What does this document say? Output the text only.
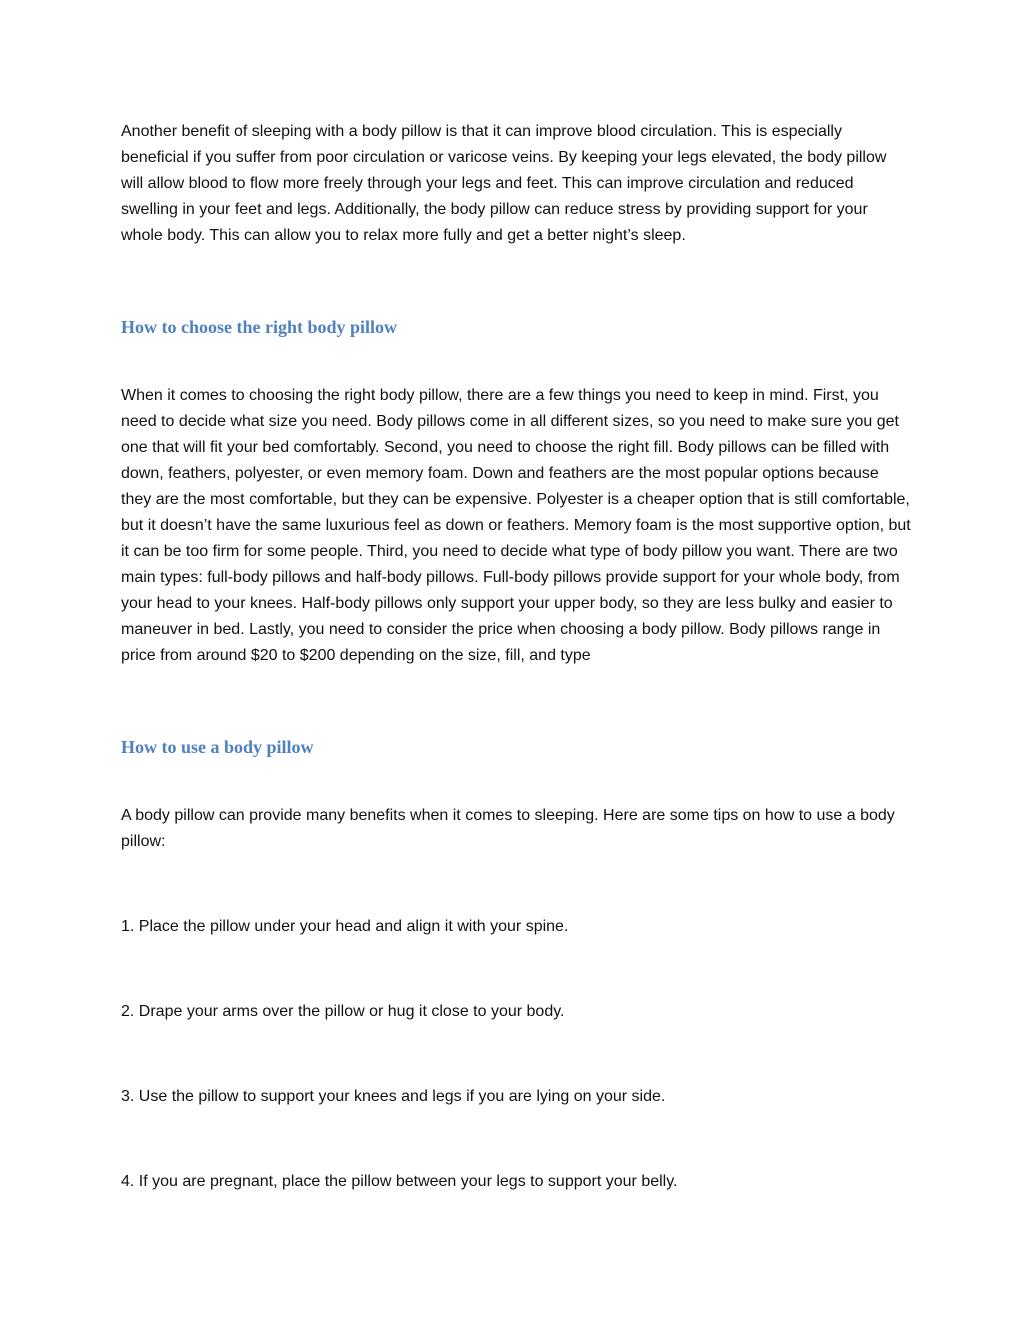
Another benefit of sleeping with a body pillow is that it can improve blood circulation. This is especially beneficial if you suffer from poor circulation or varicose veins. By keeping your legs elevated, the body pillow will allow blood to flow more freely through your legs and feet. This can improve circulation and reduced swelling in your feet and legs. Additionally, the body pillow can reduce stress by providing support for your whole body. This can allow you to relax more fully and get a better night’s sleep.

How to choose the right body pillow

When it comes to choosing the right body pillow, there are a few things you need to keep in mind. First, you need to decide what size you need. Body pillows come in all different sizes, so you need to make sure you get one that will fit your bed comfortably. Second, you need to choose the right fill. Body pillows can be filled with down, feathers, polyester, or even memory foam. Down and feathers are the most popular options because they are the most comfortable, but they can be expensive. Polyester is a cheaper option that is still comfortable, but it doesn’t have the same luxurious feel as down or feathers. Memory foam is the most supportive option, but it can be too firm for some people. Third, you need to decide what type of body pillow you want. There are two main types: full-body pillows and half-body pillows. Full-body pillows provide support for your whole body, from your head to your knees. Half-body pillows only support your upper body, so they are less bulky and easier to maneuver in bed. Lastly, you need to consider the price when choosing a body pillow. Body pillows range in price from around $20 to $200 depending on the size, fill, and type

How to use a body pillow

A body pillow can provide many benefits when it comes to sleeping. Here are some tips on how to use a body pillow:

1. Place the pillow under your head and align it with your spine.

2. Drape your arms over the pillow or hug it close to your body.

3. Use the pillow to support your knees and legs if you are lying on your side.

4. If you are pregnant, place the pillow between your legs to support your belly.
